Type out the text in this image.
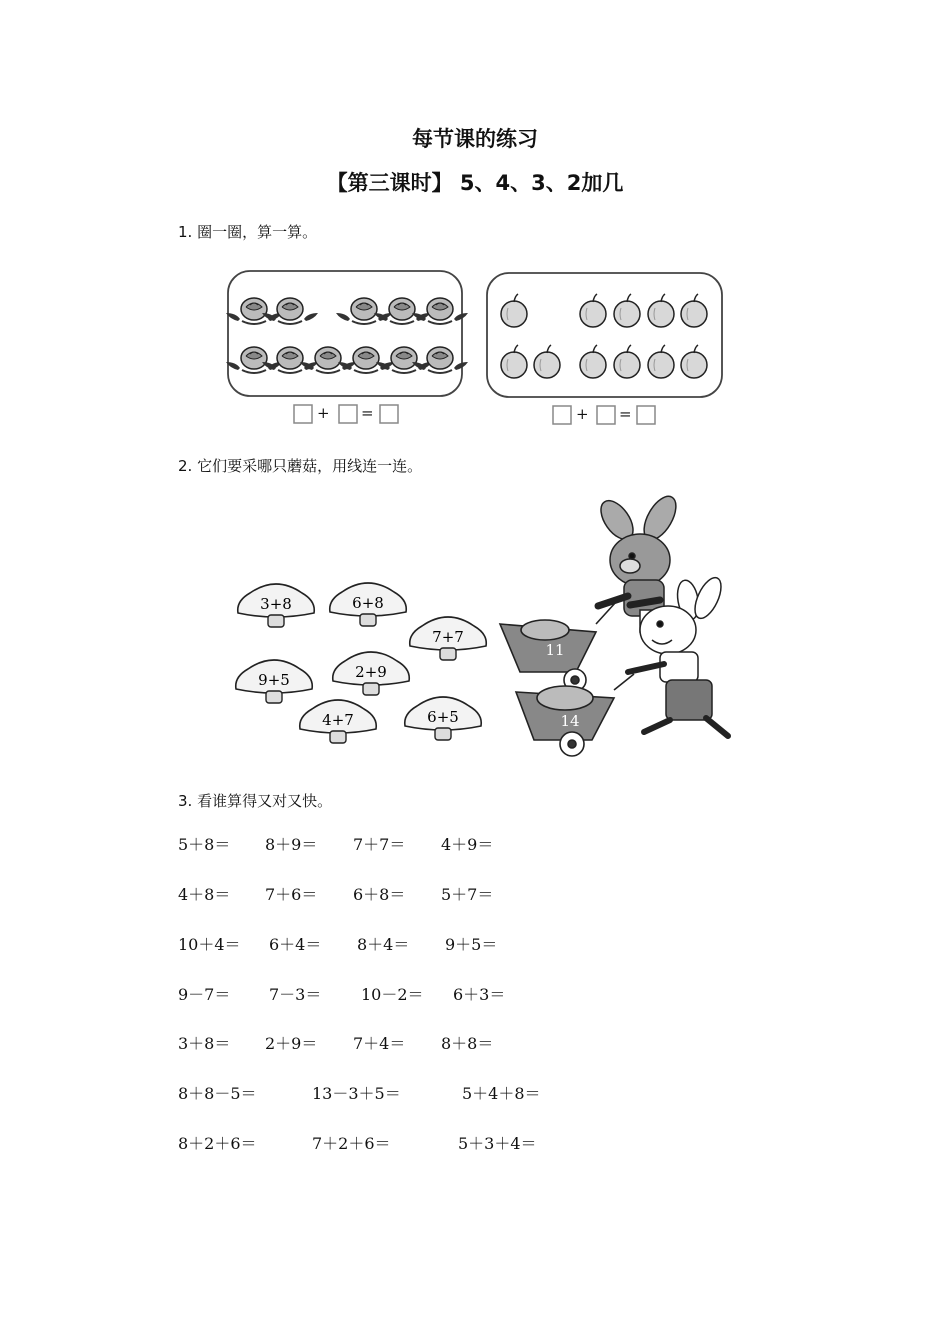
每节课的练习
【第三课时】 5、4、3、2加几
1. 圈一圈，算一算。
3+8	6+8
7+7
9+5	2+9
4+7	6+5
11
14
+ =	+ =
2. 它们要采哪只蘑菇，用线连一连。
3. 看谁算得又对又快。
5＋8＝ 8＋9＝ 7＋7＝ 4＋9＝
4＋8＝ 7＋6＝ 6＋8＝ 5＋7＝
10＋4＝ 6＋4＝ 8＋4＝ 9＋5＝
9－7＝ 7－3＝ 10－2＝ 6＋3＝
3＋8＝ 2＋9＝ 7＋4＝ 8＋8＝
8＋8－5＝	13－3＋5＝	5＋4＋8＝
8＋2＋6＝	7＋2＋6＝	5＋3＋4＝
